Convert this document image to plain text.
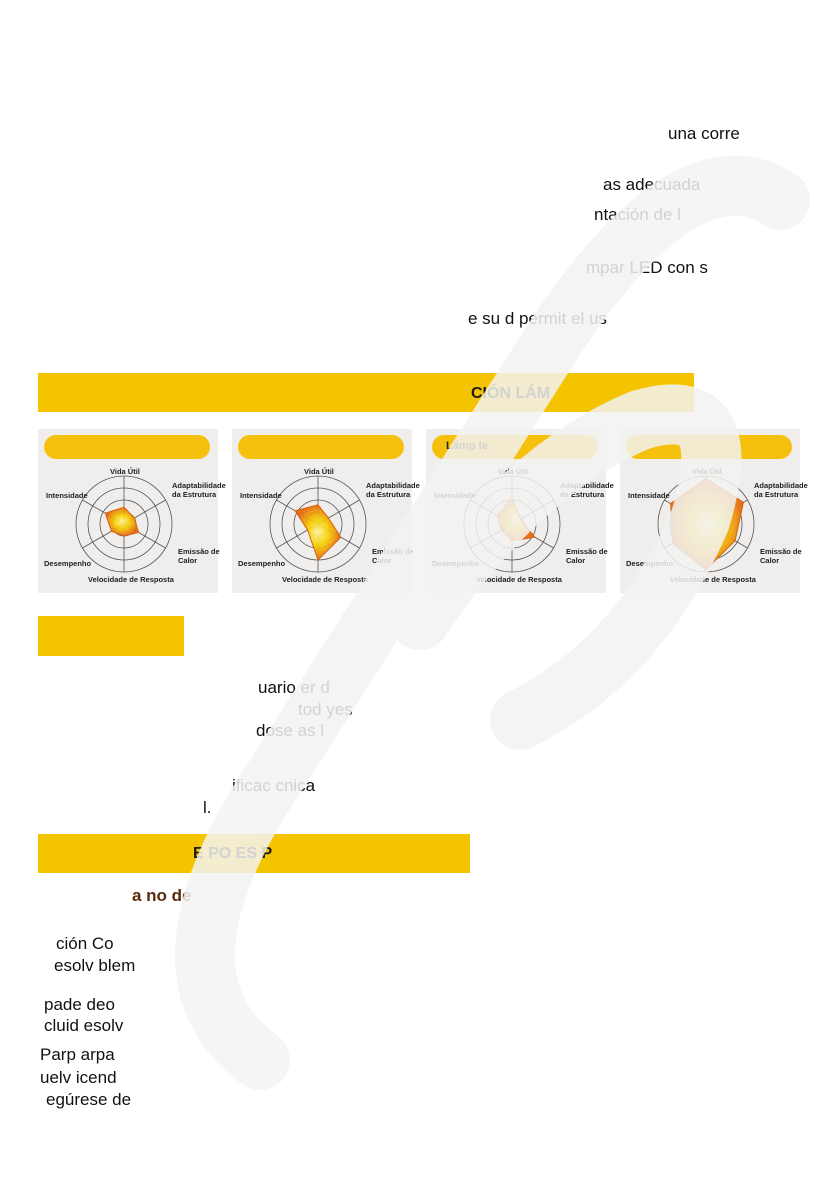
una corre
as adecuada
ntación de l
mpar LED con s
e su d permit el us
CIÓN LÁM
Vida Útil
Adaptabilidade
da Estrutura
Emissão de
Calor
Velocidade de Resposta
Desempenho
Intensidade
Vida Útil
Adaptabilidade
da Estrutura
Emissão de
Calor
Velocidade de Resposta
Desempenho
Intensidade
Lámp te
Vida Útil
Adaptabilidade
da Estrutura
Emissão de
Calor
Velocidade de Resposta
Desempenho
Intensidade
Vida Útil
Adaptabilidade
da Estrutura
Emissão de
Calor
Velocidade de Resposta
Desempenho
Intensidade
uario er d
tod yes
dose as l
ificac cnica
l.
E PO ES P
a no de
ción Co
esolv blem
pade deo
cluid esolv
Parp arpa
uelv icend
egúrese de
